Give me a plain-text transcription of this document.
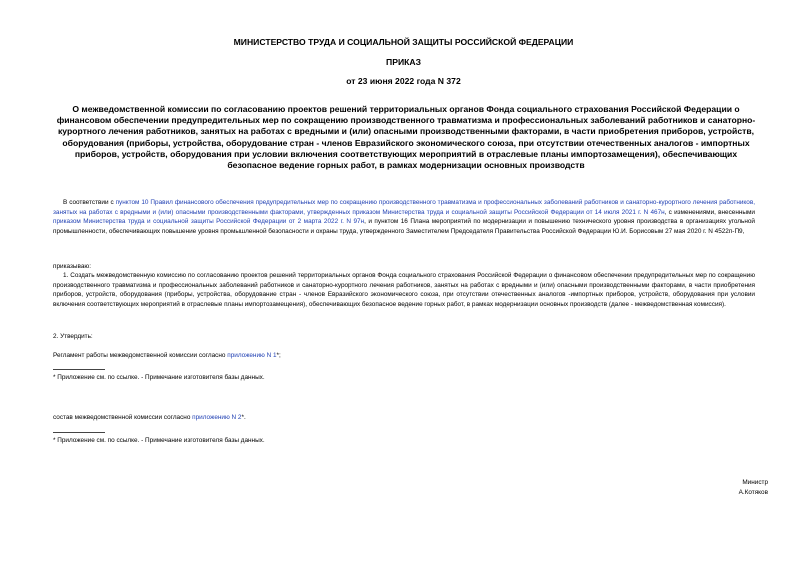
МИНИСТЕРСТВО ТРУДА И СОЦИАЛЬНОЙ ЗАЩИТЫ РОССИЙСКОЙ ФЕДЕРАЦИИ
ПРИКАЗ
от 23 июня 2022 года N 372
О межведомственной комиссии по согласованию проектов решений территориальных органов Фонда социального страхования Российской Федерации о финансовом обеспечении предупредительных мер по сокращению производственного травматизма и профессиональных заболеваний работников и санаторно-курортного лечения работников, занятых на работах с вредными и (или) опасными производственными факторами, в части приобретения приборов, устройств, оборудования (приборы, устройства, оборудование стран - членов Евразийского экономического союза, при отсутствии отечественных аналогов - импортных приборов, устройств, оборудования при условии включения соответствующих мероприятий в отраслевые планы импортозамещения), обеспечивающих безопасное ведение горных работ, в рамках модернизации основных производств
В соответствии с пунктом 10 Правил финансового обеспечения предупредительных мер по сокращению производственного травматизма и профессиональных заболеваний работников и санаторно-курортного лечения работников, занятых на работах с вредными и (или) опасными производственными факторами, утвержденных приказом Министерства труда и социальной защиты Российской Федерации от 14 июля 2021 г. N 467н, с изменениями, внесенными приказом Министерства труда и социальной защиты Российской Федерации от 2 марта 2022 г. N 97н, и пунктом 16 Плана мероприятий по модернизации и повышению технического уровня производства в организациях угольной промышленности, обеспечивающих повышение уровня промышленной безопасности и охраны труда, утвержденного Заместителем Председателя Правительства Российской Федерации Ю.И. Борисовым 27 мая 2020 г. N 4522п-П9,
приказываю:
1. Создать межведомственную комиссию по согласованию проектов решений территориальных органов Фонда социального страхования Российской Федерации о финансовом обеспечении предупредительных мер по сокращению производственного травматизма и профессиональных заболеваний работников и санаторно-курортного лечения работников, занятых на работах с вредными и (или) опасными производственными факторами, в части приобретения приборов, устройств, оборудования (приборы, устройства, оборудование стран - членов Евразийского экономического союза, при отсутствии отечественных аналогов -импортных приборов, устройств, оборудования при условии включения соответствующих мероприятий в отраслевые планы импортозамещения), обеспечивающих безопасное ведение горных работ, в рамках модернизации основных производств (далее - межведомственная комиссия).
2. Утвердить:
Регламент работы межведомственной комиссии согласно приложению N 1*;
* Приложение см. по ссылке. - Примечание изготовителя базы данных.
состав межведомственной комиссии согласно приложению N 2*.
* Приложение см. по ссылке. - Примечание изготовителя базы данных.
Министр
А.Котяков
